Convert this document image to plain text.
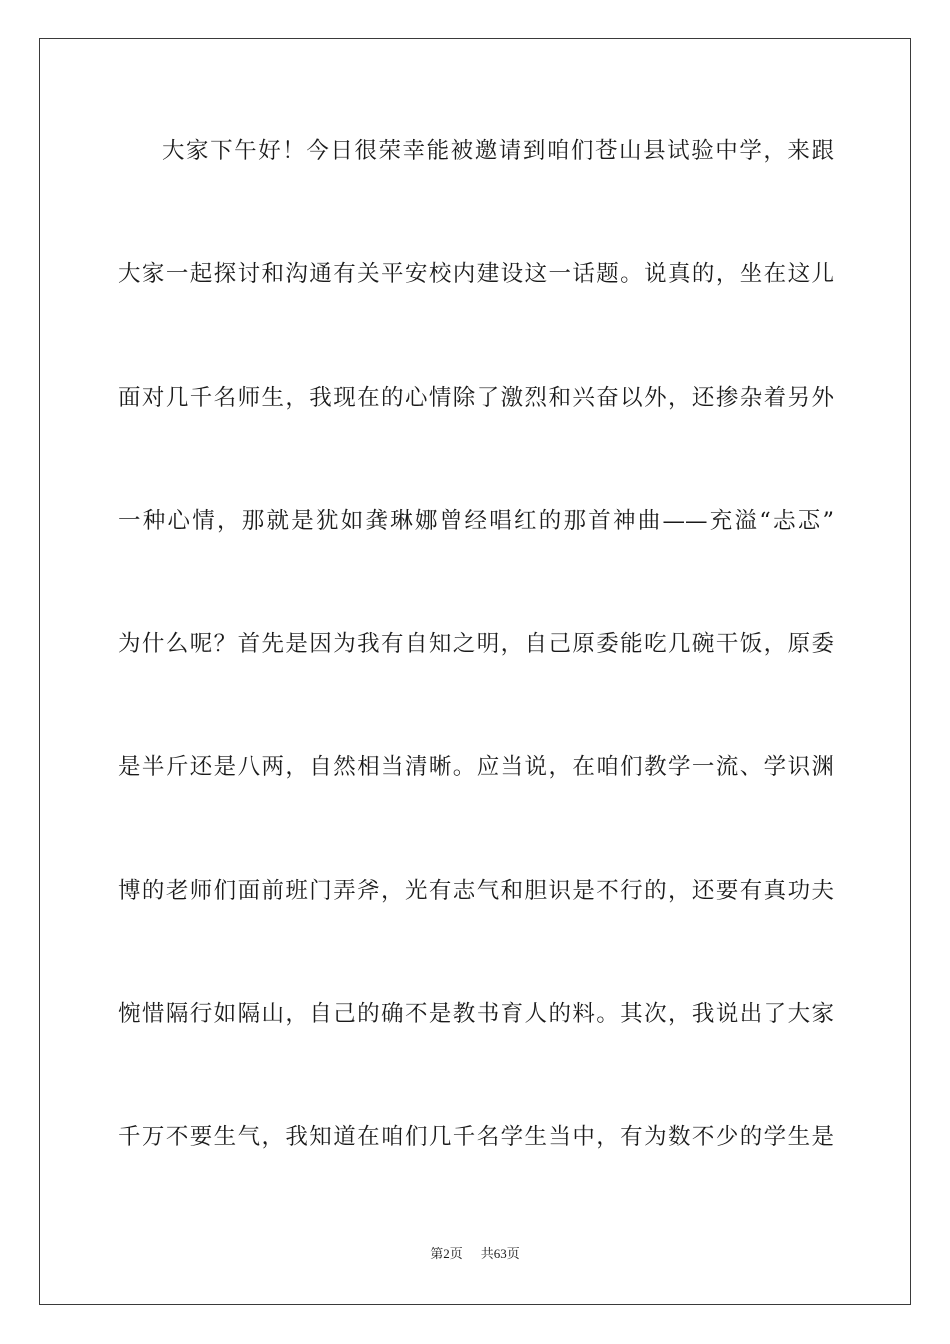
大家下午好！今日很荣幸能被邀请到咱们苍山县试验中学，来跟
大家一起探讨和沟通有关平安校内建设这一话题。说真的，坐在这儿
面对几千名师生，我现在的心情除了激烈和兴奋以外，还掺杂着另外
一种心情，那就是犹如龚琳娜曾经唱红的那首神曲——充溢“忐忑”
为什么呢？首先是因为我有自知之明，自己原委能吃几碗干饭，原委
是半斤还是八两，自然相当清晰。应当说，在咱们教学一流、学识渊
博的老师们面前班门弄斧，光有志气和胆识是不行的，还要有真功夫
惋惜隔行如隔山，自己的确不是教书育人的料。其次，我说出了大家
千万不要生气，我知道在咱们几千名学生当中，有为数不少的学生是
第2页 共63页
